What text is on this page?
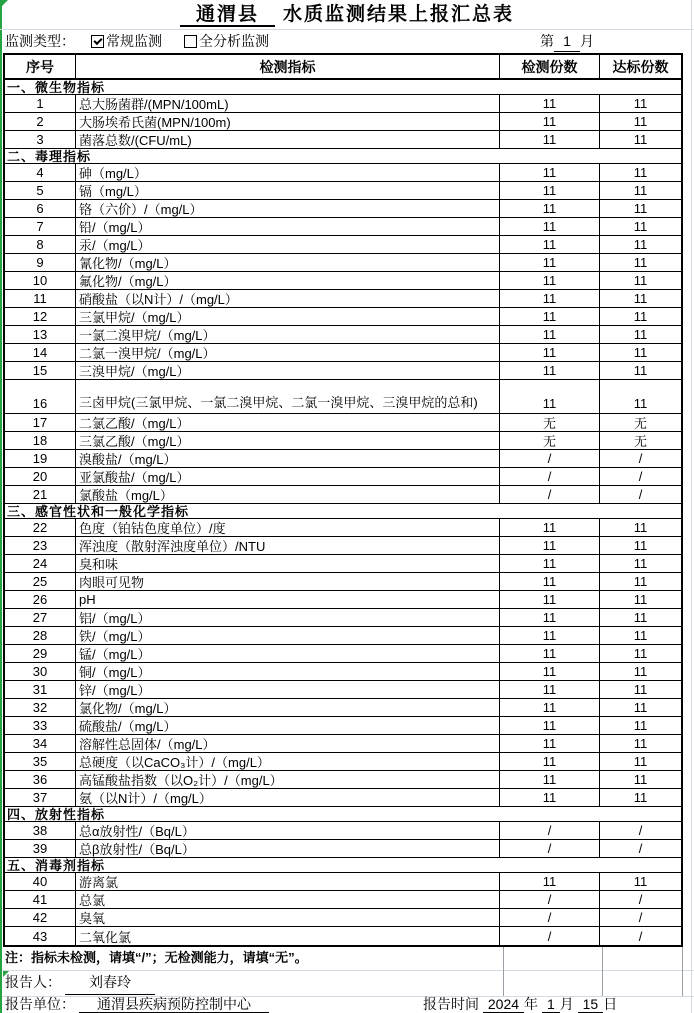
通渭县 水质监测结果上报汇总表
监测类型： 常规监测	全分析监测	第 1 月
序号	检测指标	检测份数	达标份数
一、微生物指标
1	总大肠菌群/(MPN/100mL)	11	11
2	大肠埃希氏菌(MPN/100m)	11	11
3	菌落总数/(CFU/mL)	11	11
二、毒理指标
4	砷（mg/L）	11	11
5	镉（mg/L）	11	11
6	铬（六价）/（mg/L）	11	11
7	铅/（mg/L）	11	11
8	汞/（mg/L）	11	11
9	氰化物/（mg/L）	11	11
10	氟化物/（mg/L）	11	11
11	硝酸盐（以N计）/（mg/L）	11	11
12	三氯甲烷/（mg/L）	11	11
13	一氯二溴甲烷/（mg/L）	11	11
14	二氯一溴甲烷/（mg/L）	11	11
15	三溴甲烷/（mg/L）	11	11
16	三卤甲烷(三氯甲烷、一氯二溴甲烷、二氯一溴甲烷、三溴甲烷的总和)	11	11
17	二氯乙酸/（mg/L）	无	无
18	三氯乙酸/（mg/L）	无	无
19	溴酸盐/（mg/L）	/	/
20	亚氯酸盐/（mg/L）	/	/
21	氯酸盐（mg/L）	/	/
三、感官性状和一般化学指标
22	色度（铂钴色度单位）/度	11	11
23	浑浊度（散射浑浊度单位）/NTU	11	11
24	臭和味	11	11
25	肉眼可见物	11	11
26	pH	11	11
27	铝/（mg/L）	11	11
28	铁/（mg/L）	11	11
29	锰/（mg/L）	11	11
30	铜/（mg/L）	11	11
31	锌/（mg/L）	11	11
32	氯化物/（mg/L）	11	11
33	硫酸盐/（mg/L）	11	11
34	溶解性总固体/（mg/L）	11	11
35	总硬度（以CaCO₃计）/（mg/L）	11	11
36	高锰酸盐指数（以O₂计）/（mg/L）	11	11
37	氨（以N计）/（mg/L）	11	11
四、放射性指标
38	总α放射性/（Bq/L）	/	/
39	总β放射性/（Bq/L）	/	/
五、消毒剂指标
40	游离氯	11	11
41	总氯	/	/
42	臭氧	/	/
43	二氧化氯	/	/
注：指标未检测，请填“/”；无检测能力，请填“无”。
报告人：	刘春玲
报告单位：	通渭县疾病预防控制中心	报告时间 2024 年 1 月 15 日
